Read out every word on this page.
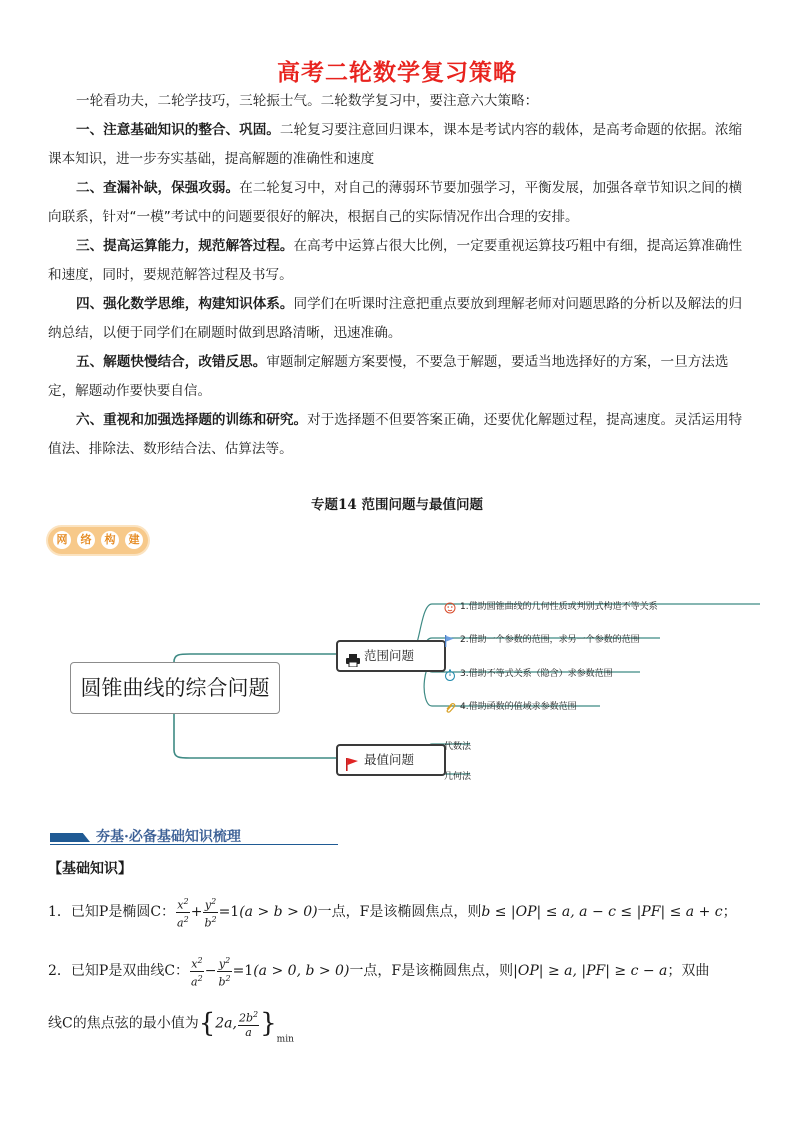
高考二轮数学复习策略
一轮看功夫，二轮学技巧，三轮振士气。二轮数学复习中，要注意六大策略：
一、注意基础知识的整合、巩固。二轮复习要注意回归课本，课本是考试内容的载体，是高考命题的依据。浓缩课本知识，进一步夯实基础，提高解题的准确性和速度
二、查漏补缺，保强攻弱。在二轮复习中，对自己的薄弱环节要加强学习，平衡发展，加强各章节知识之间的横向联系，针对“一模”考试中的问题要很好的解决，根据自己的实际情况作出合理的安排。
三、提高运算能力，规范解答过程。在高考中运算占很大比例，一定要重视运算技巧粗中有细，提高运算准确性和速度，同时，要规范解答过程及书写。
四、强化数学思维，构建知识体系。同学们在听课时注意把重点要放到理解老师对问题思路的分析以及解法的归纳总结，以便于同学们在刷题时做到思路清晰，迅速准确。
五、解题快慢结合，改错反思。审题制定解题方案要慢，不要急于解题，要适当地选择好的方案，一旦方法选定，解题动作要快要自信。
六、重视和加强选择题的训练和研究。对于选择题不但要答案正确，还要优化解题过程，提高速度。灵活运用特值法、排除法、数形结合法、估算法等。
专题14 范围问题与最值问题
网	络	构	建
圆锥曲线的综合问题
范围问题
最值问题
1.借助圆锥曲线的几何性质或判别式构造不等关系
2.借助一个参数的范围，求另一个参数的范围
3.借助不等式关系（隐含）求参数范围
4.借助函数的值域求参数范围
代数法
几何法
夯基·必备基础知识梳理
【基础知识】
1．已知P是椭圆C： $\frac{x^2}{a^2} + \frac{y^2}{b^2} =1(a > b > 0)$一点，F是该椭圆焦点，则b ≤ |OP| ≤ a, a − c ≤ |PF| ≤ a + c；
2．已知P是双曲线C： $\frac{x^2}{a^2} - \frac{y^2}{b^2} =1(a > 0$, b > 0)一点，F是该椭圆焦点，则|OP| ≥ a, |PF| ≥ c − a；双曲
线C的焦点弦的最小值为{2a, $\frac{2b^2}{a} \}_{min}$
